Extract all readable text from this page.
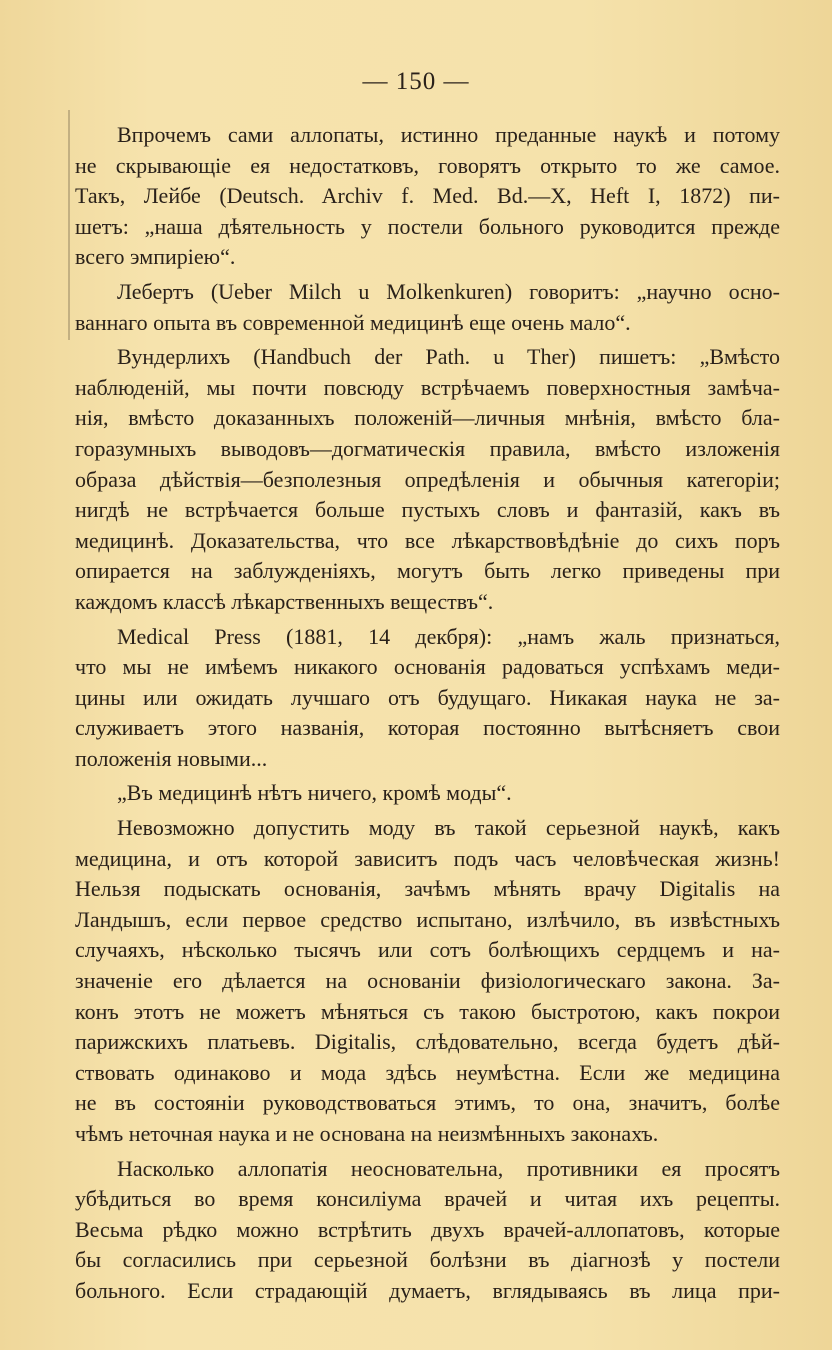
— 150 —
Впрочемъ сами аллопаты, истинно преданные наукѣ и потому
не скрывающіе ея недостатковъ, говорятъ открыто то же самое.
Такъ, Лейбе (Deutsch. Archiv f. Med. Bd.—X, Heft I, 1872) пи-
шетъ: „наша дѣятельность у постели больного руководится прежде
всего эмпиріею“.
Лебертъ (Ueber Milch u Molkenkuren) говоритъ: „научно осно-
ваннаго опыта въ современной медицинѣ еще очень мало“.
Вундерлихъ (Handbuch der Path. u Ther) пишетъ: „Вмѣсто
наблюденій, мы почти повсюду встрѣчаемъ поверхностныя замѣча-
нія, вмѣсто доказанныхъ положеній—личныя мнѣнія, вмѣсто бла-
горазумныхъ выводовъ—догматическія правила, вмѣсто изложенія
образа дѣйствія—безполезныя опредѣленія и обычныя категоріи;
нигдѣ не встрѣчается больше пустыхъ словъ и фантазій, какъ въ
медицинѣ. Доказательства, что все лѣкарствовѣдѣніе до сихъ поръ
опирается на заблужденіяхъ, могутъ быть легко приведены при
каждомъ классѣ лѣкарственныхъ веществъ“.
Medical Press (1881, 14 декбря): „намъ жаль признаться,
что мы не имѣемъ никакого основанія радоваться успѣхамъ меди-
цины или ожидать лучшаго отъ будущаго. Никакая наука не за-
служиваетъ этого названія, которая постоянно вытѣсняетъ свои
положенія новыми...
„Въ медицинѣ нѣтъ ничего, кромѣ моды“.
Невозможно допустить моду въ такой серьезной наукѣ, какъ
медицина, и отъ которой зависитъ подъ часъ человѣческая жизнь!
Нельзя подыскать основанія, зачѣмъ мѣнять врачу Digitalis на
Ландышъ, если первое средство испытано, излѣчило, въ извѣстныхъ
случаяхъ, нѣсколько тысячъ или сотъ болѣющихъ сердцемъ и на-
значеніе его дѣлается на основаніи физіологическаго закона. За-
конъ этотъ не можетъ мѣняться съ такою быстротою, какъ покрои
парижскихъ платьевъ. Digitalis, слѣдовательно, всегда будетъ дѣй-
ствовать одинаково и мода здѣсь неумѣстна. Если же медицина
не въ состояніи руководствоваться этимъ, то она, значитъ, болѣе
чѣмъ неточная наука и не основана на неизмѣнныхъ законахъ.
Насколько аллопатія неосновательна, противники ея просятъ
убѣдиться во время консиліума врачей и читая ихъ рецепты.
Весьма рѣдко можно встрѣтить двухъ врачей-аллопатовъ, которые
бы согласились при серьезной болѣзни въ діагнозѣ у постели
больного. Если страдающій думаетъ, вглядываясь въ лица при-
